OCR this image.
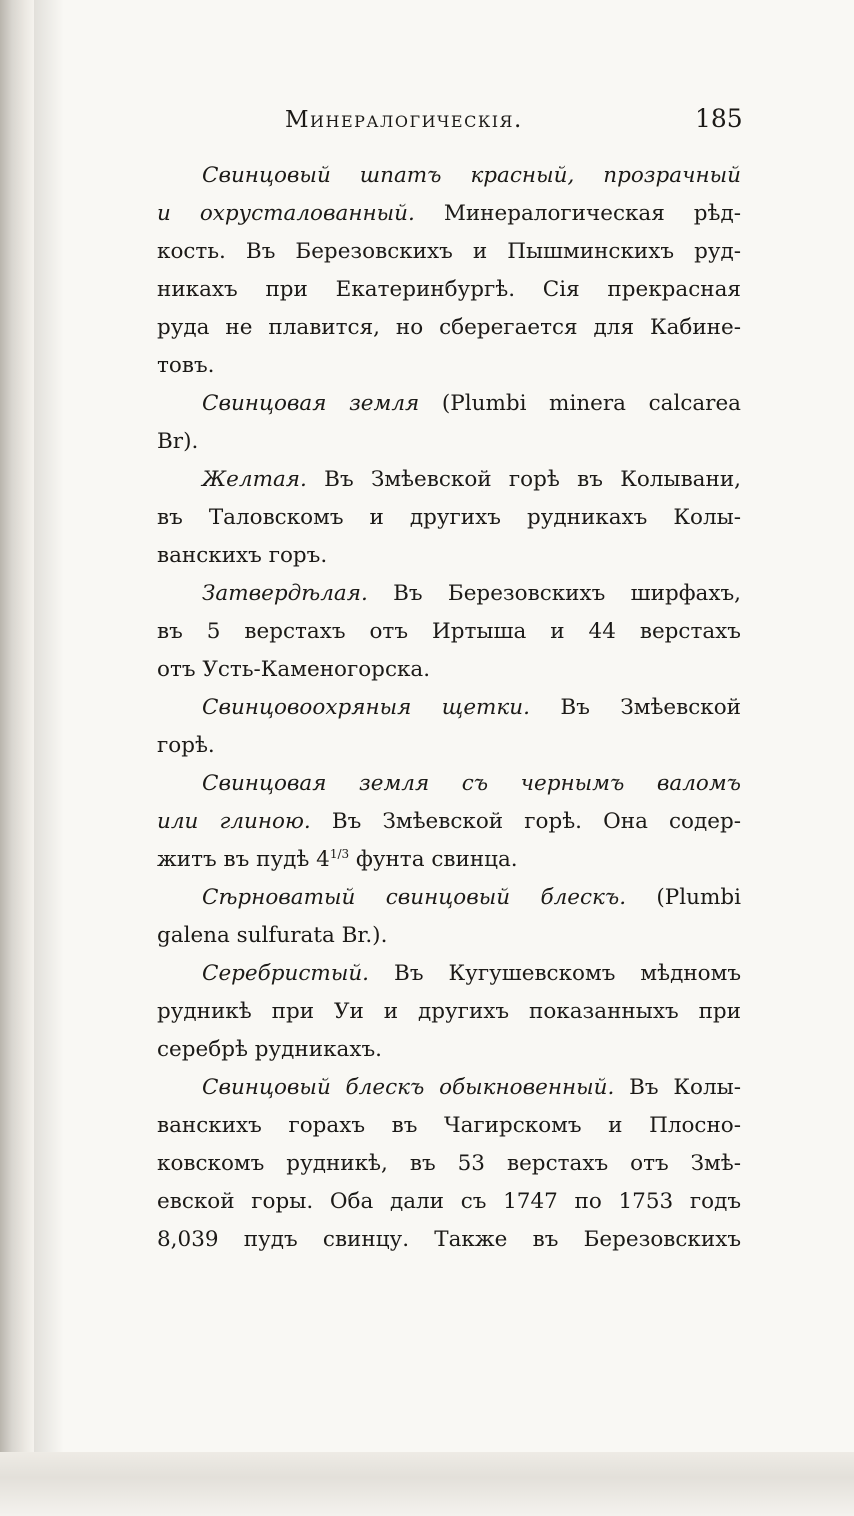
Минералогическія.	185
Свинцовый шпатъ красный, прозрачный
и охрусталованный. Минералогическая рѣд-
кость. Въ Березовскихъ и Пышминскихъ руд-
никахъ при Екатеринбургѣ. Сія прекрасная
руда не плавится, но сберегается для Кабине-
товъ.
Свинцовая земля (Plumbi minera calcarea
Br).
Желтая. Въ Змѣевской горѣ въ Колывани,
въ Таловскомъ и другихъ рудникахъ Колы-
ванскихъ горъ.
Затвердѣлая. Въ Березовскихъ ширфахъ,
въ 5 верстахъ отъ Иртыша и 44 верстахъ
отъ Усть-Каменогорска.
Свинцовоохряныя щетки. Въ Змѣевской
горѣ.
Свинцовая земля съ чернымъ валомъ
или глиною. Въ Змѣевской горѣ. Она содер-
житъ въ пудѣ $4^{1/3}$ фунта свинца.
Сѣрноватый свинцовый блескъ. (Plumbi
galena sulfurata Br.).
Серебристый. Въ Кугушевскомъ мѣдномъ
рудникѣ при Уи и другихъ показанныхъ при
серебрѣ рудникахъ.
Свинцовый блескъ обыкновенный. Въ Колы-
ванскихъ горахъ въ Чагирскомъ и Плосно-
ковскомъ рудникѣ, въ 53 верстахъ отъ Змѣ-
евской горы. Оба дали съ 1747 по 1753 годъ
8,039 пудъ свинцу. Также въ Березовскихъ
